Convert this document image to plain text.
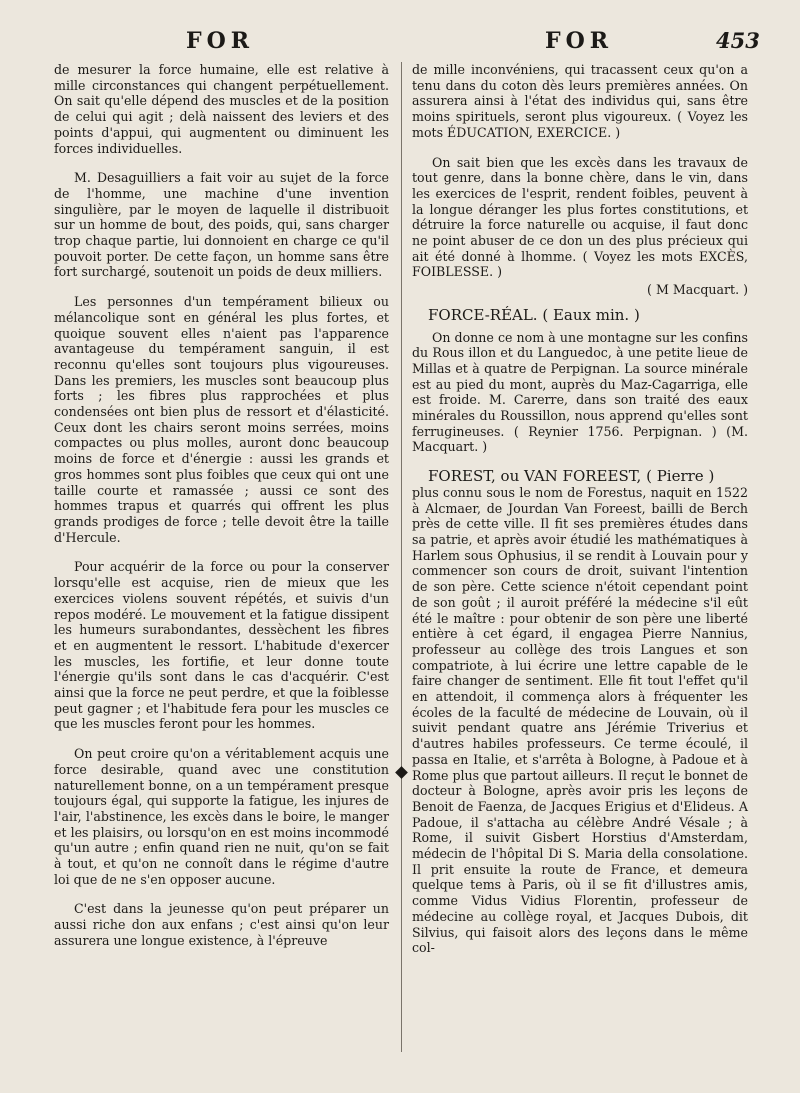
FOR	FOR	453

de mesurer la force humaine, elle est relative à mille circonstances qui changent perpétuellement. On sait qu'elle dépend des muscles et de la position de celui qui agit ; delà naissent des leviers et des points d'appui, qui augmentent ou diminuent les forces individuelles.

M. Desaguilliers a fait voir au sujet de la force de l'homme, une machine d'une invention singulière, par le moyen de laquelle il distribuoit sur un homme de bout, des poids, qui, sans charger trop chaque partie, lui donnoient en charge ce qu'il pouvoit porter. De cette façon, un homme sans être fort surchargé, soutenoit un poids de deux milliers.

Les personnes d'un tempérament bilieux ou mélancolique sont en général les plus fortes, et quoique souvent elles n'aient pas l'apparence avantageuse du tempérament sanguin, il est reconnu qu'elles sont toujours plus vigoureuses. Dans les premiers, les muscles sont beaucoup plus forts ; les fibres plus rapprochées et plus condensées ont bien plus de ressort et d'élasticité. Ceux dont les chairs seront moins serrées, moins compactes ou plus molles, auront donc beaucoup moins de force et d'énergie : aussi les grands et gros hommes sont plus foibles que ceux qui ont une taille courte et ramassée ; aussi ce sont des hommes trapus et quarrés qui offrent les plus grands prodiges de force ; telle devoit être la taille d'Hercule.

Pour acquérir de la force ou pour la conserver lorsqu'elle est acquise, rien de mieux que les exercices violens souvent répétés, et suivis d'un repos modéré. Le mouvement et la fatigue dissipent les humeurs surabondantes, dessèchent les fibres et en augmentent le ressort. L'habitude d'exercer les muscles, les fortifie, et leur donne toute l'énergie qu'ils sont dans le cas d'acquérir. C'est ainsi que la force ne peut perdre, et que la foiblesse peut gagner ; et l'habitude fera pour les muscles ce que les muscles feront pour les hommes.

On peut croire qu'on a véritablement acquis une force desirable, quand avec une constitution naturellement bonne, on a un tempérament presque toujours égal, qui supporte la fatigue, les injures de l'air, l'abstinence, les excès dans le boire, le manger et les plaisirs, ou lorsqu'on en est moins incommodé qu'un autre ; enfin quand rien ne nuit, qu'on se fait à tout, et qu'on ne connoît dans le régime d'autre loi que de ne s'en opposer aucune.

C'est dans la jeunesse qu'on peut préparer un aussi riche don aux enfans ; c'est ainsi qu'on leur assurera une longue existence, à l'épreuve

de mille inconvéniens, qui tracassent ceux qu'on a tenu dans du coton dès leurs premières années. On assurera ainsi à l'état des individus qui, sans être moins spirituels, seront plus vigoureux. ( Voyez les mots ÉDUCATION, EXERCICE. )

On sait bien que les excès dans les travaux de tout genre, dans la bonne chère, dans le vin, dans les exercices de l'esprit, rendent foibles, peuvent à la longue déranger les plus fortes constitutions, et détruire la force naturelle ou acquise, il faut donc ne point abuser de ce don un des plus précieux qui ait été donné à lhomme. ( Voyez les mots EXCÈS, FOIBLESSE. )

( M Macquart. )

FORCE-RÉAL. ( Eaux min. )

On donne ce nom à une montagne sur les confins du Rous illon et du Languedoc, à une petite lieue de Millas et à quatre de Perpignan. La source minérale est au pied du mont, auprès du Maz-Cagarriga, elle est froide. M. Carerre, dans son traité des eaux minérales du Roussillon, nous apprend qu'elles sont ferrugineuses. ( Reynier 1756. Perpignan. ) (M. Macquart. )

FOREST, ou VAN FOREEST, ( Pierre )

plus connu sous le nom de Forestus, naquit en 1522 à Alcmaer, de Jourdan Van Foreest, bailli de Berch près de cette ville. Il fit ses premières études dans sa patrie, et après avoir étudié les mathématiques à Harlem sous Ophusius, il se rendit à Louvain pour y commencer son cours de droit, suivant l'intention de son père. Cette science n'étoit cependant point de son goût ; il auroit préféré la médecine s'il eût été le maître : pour obtenir de son père une liberté entière à cet égard, il engagea Pierre Nannius, professeur au collège des trois Langues et son compatriote, à lui écrire une lettre capable de le faire changer de sentiment. Elle fit tout l'effet qu'il en attendoit, il commença alors à fréquenter les écoles de la faculté de médecine de Louvain, où il suivit pendant quatre ans Jérémie Triverius et d'autres habiles professeurs. Ce terme écoulé, il passa en Italie, et s'arrêta à Bologne, à Padoue et à Rome plus que partout ailleurs. Il reçut le bonnet de docteur à Bologne, après avoir pris les leçons de Benoit de Faenza, de Jacques Erigius et d'Elideus. A Padoue, il s'attacha au célèbre André Vésale ; à Rome, il suivit Gisbert Horstius d'Amsterdam, médecin de l'hôpital Di S. Maria della consolatione. Il prit ensuite la route de France, et demeura quelque tems à Paris, où il se fit d'illustres amis, comme Vidus Vidius Florentin, professeur de médecine au collège royal, et Jacques Dubois, dit Silvius, qui faisoit alors des leçons dans le même col-
